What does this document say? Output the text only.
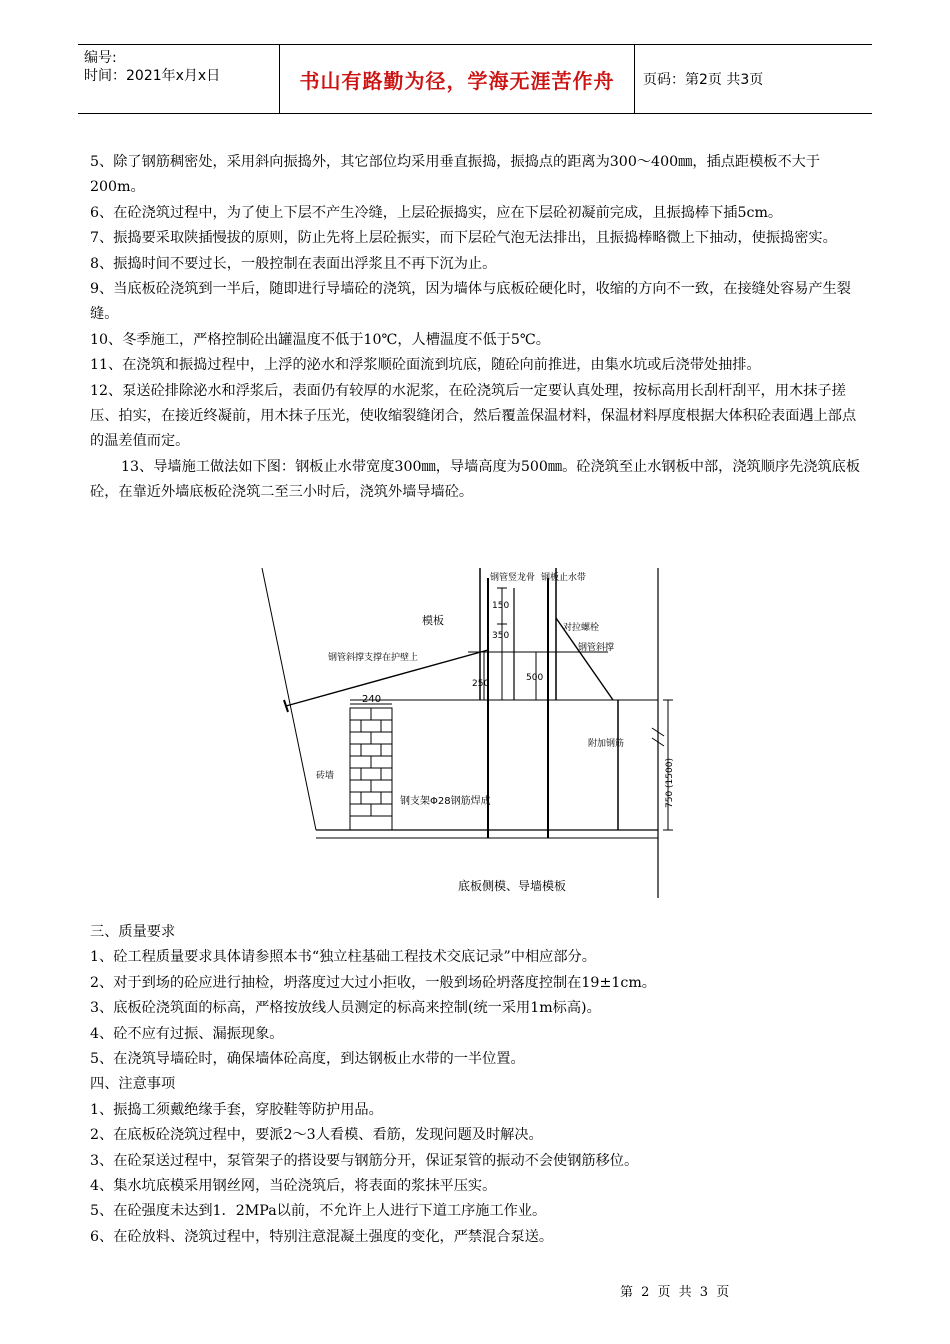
编号:
时间：2021年x月x日	书山有路勤为径，学海无涯苦作舟	页码：第2页 共3页

5、除了钢筋稠密处，采用斜向振捣外，其它部位均采用垂直振捣，振捣点的距离为300～400㎜，插点距模板不大于200m。

6、在砼浇筑过程中，为了使上下层不产生冷缝，上层砼振捣实，应在下层砼初凝前完成，且振捣棒下插5cm。

7、振捣要采取陕插慢拔的原则，防止先将上层砼振实，而下层砼气泡无法排出，且振捣棒略微上下抽动，使振捣密实。

8、振捣时间不要过长，一般控制在表面出浮浆且不再下沉为止。

9、当底板砼浇筑到一半后，随即进行导墙砼的浇筑，因为墙体与底板砼硬化时，收缩的方向不一致，在接缝处容易产生裂缝。

10、冬季施工，严格控制砼出罐温度不低于10℃，人槽温度不低于5℃。

11、在浇筑和振捣过程中，上浮的泌水和浮浆顺砼面流到坑底，随砼向前推进，由集水坑或后浇带处抽排。

12、泵送砼排除泌水和浮浆后，表面仍有较厚的水泥浆，在砼浇筑后一定要认真处理，按标高用长刮杆刮平，用木抹子搓压、拍实，在接近终凝前，用木抹子压光，使收缩裂缝闭合，然后覆盖保温材料，保温材料厚度根据大体积砼表面遇上部点的温差值而定。

13、导墙施工做法如下图：钢板止水带宽度300㎜，导墙高度为500㎜。砼浇筑至止水钢板中部，浇筑顺序先浇筑底板砼，在靠近外墙底板砼浇筑二至三小时后，浇筑外墙导墙砼。

钢管竖龙骨 钢板止水带
模板
对拉螺栓
钢管斜撑
钢管斜撑支撑在护壁上
砖墙
附加钢筋
钢支架Φ28钢筋焊成
240
150
350
500
250
750 (1500)
底板侧模、导墙模板

三、质量要求

1、砼工程质量要求具体请参照本书“独立柱基础工程技术交底记录”中相应部分。

2、对于到场的砼应进行抽检，坍落度过大过小拒收，一般到场砼坍落度控制在19±1cm。

3、底板砼浇筑面的标高，严格按放线人员测定的标高来控制(统一采用1m标高)。

4、砼不应有过振、漏振现象。

5、在浇筑导墙砼时，确保墙体砼高度，到达钢板止水带的一半位置。

四、注意事项

1、振捣工须戴绝缘手套，穿胶鞋等防护用品。

2、在底板砼浇筑过程中，要派2～3人看模、看筋，发现问题及时解决。

3、在砼泵送过程中，泵管架子的搭设要与钢筋分开，保证泵管的振动不会使钢筋移位。

4、集水坑底模采用钢丝网，当砼浇筑后，将表面的浆抹平压实。

5、在砼强度未达到1．2MPa以前，不允许上人进行下道工序施工作业。

6、在砼放料、浇筑过程中，特别注意混凝土强度的变化，严禁混合泵送。

第 2 页 共 3 页
